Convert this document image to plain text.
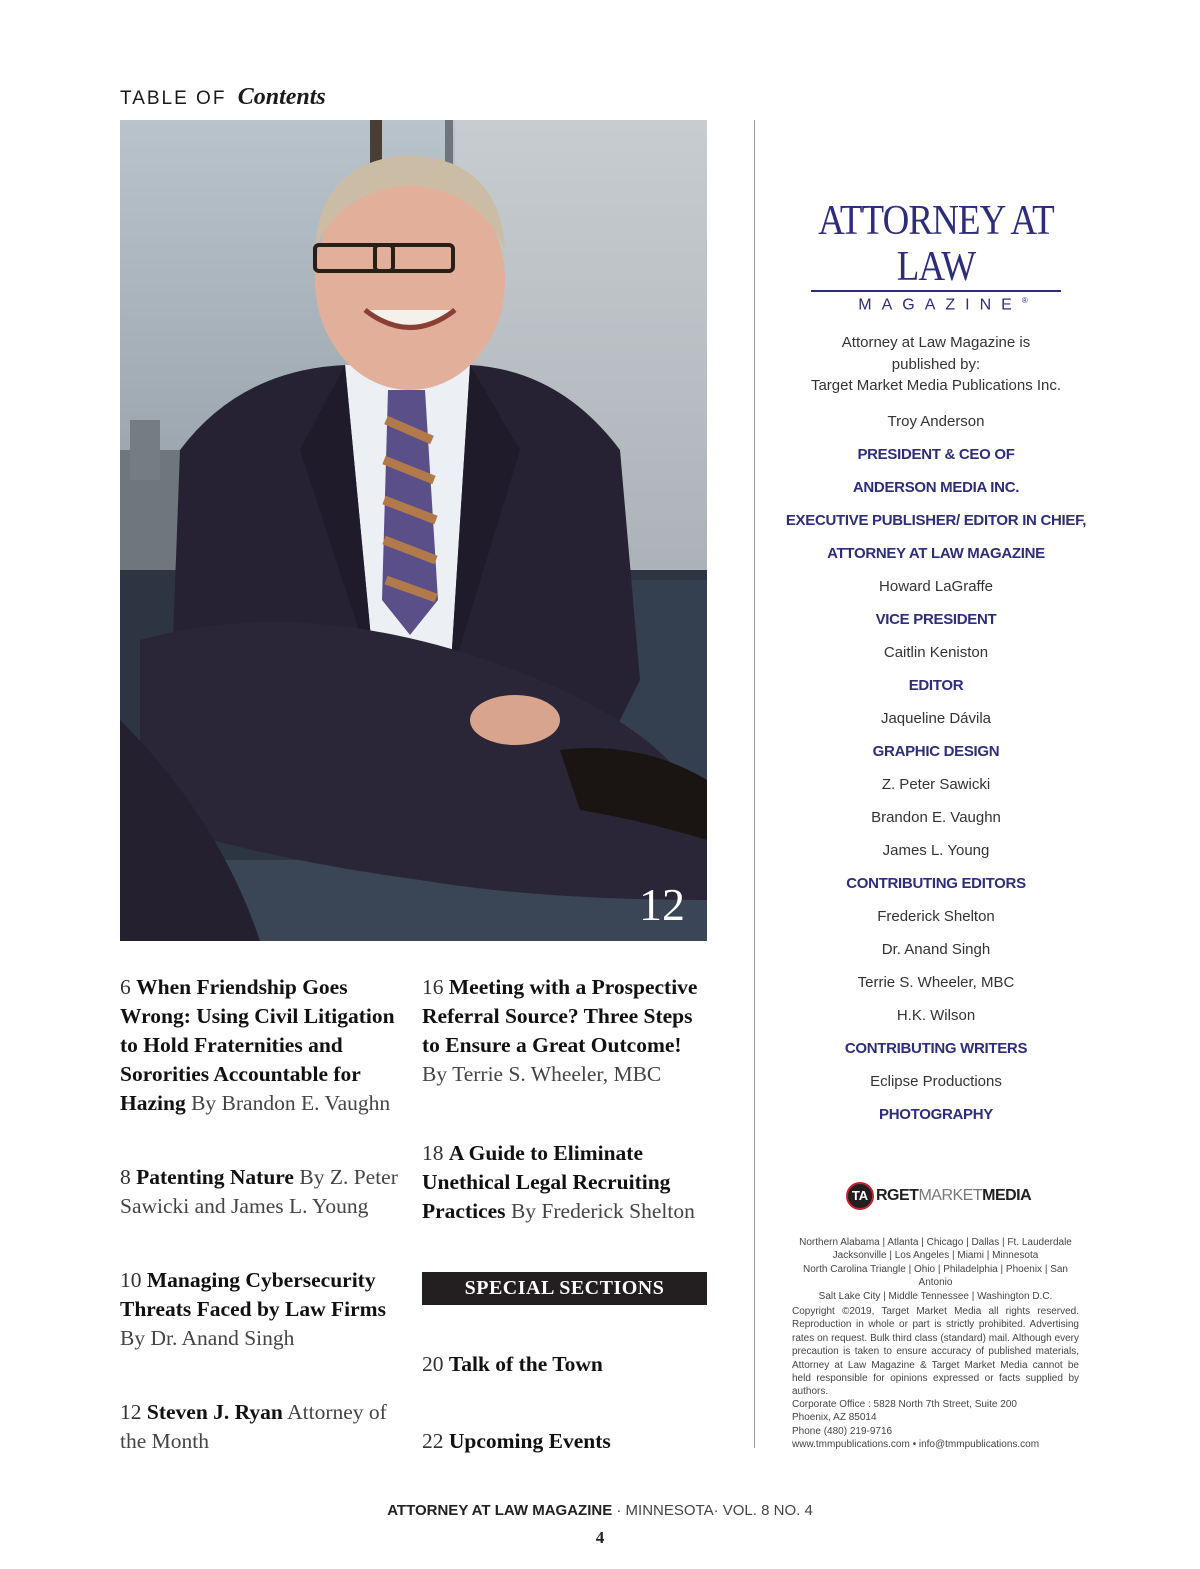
TABLE OF Contents
12
6 When Friendship Goes Wrong: Using Civil Litigation to Hold Fraternities and Sororities Accountable for Hazing By Brandon E. Vaughn
8 Patenting Nature By Z. Peter Sawicki and James L. Young
10 Managing Cybersecurity Threats Faced by Law Firms By Dr. Anand Singh
12 Steven J. Ryan Attorney of the Month
16 Meeting with a Prospective Referral Source? Three Steps to Ensure a Great Outcome! By Terrie S. Wheeler, MBC
18 A Guide to Eliminate Unethical Legal Recruiting Practices By Frederick Shelton
SPECIAL SECTIONS
20 Talk of the Town
22 Upcoming Events
ATTORNEY AT LAW
MAGAZINE®
Attorney at Law Magazine is
published by:
Target Market Media Publications Inc.
Troy Anderson
PRESIDENT & CEO OF
ANDERSON MEDIA INC.
EXECUTIVE PUBLISHER/ EDITOR IN CHIEF,
ATTORNEY AT LAW MAGAZINE
Howard LaGraffe
VICE PRESIDENT
Caitlin Keniston
EDITOR
Jaqueline Dávila
GRAPHIC DESIGN
Z. Peter Sawicki
Brandon E. Vaughn
James L. Young
CONTRIBUTING EDITORS
Frederick Shelton
Dr. Anand Singh
Terrie S. Wheeler, MBC
H.K. Wilson
CONTRIBUTING WRITERS
Eclipse Productions
PHOTOGRAPHY
TA RGET MARKET MEDIA
Northern Alabama | Atlanta | Chicago | Dallas | Ft. Lauderdale
Jacksonville | Los Angeles | Miami | Minnesota
North Carolina Triangle | Ohio | Philadelphia | Phoenix | San Antonio
Salt Lake City | Middle Tennessee | Washington D.C.
Copyright ©2019, Target Market Media all rights reserved. Reproduction in whole or part is strictly prohibited. Advertising rates on request. Bulk third class (standard) mail. Although every precaution is taken to ensure accuracy of published materials, Attorney at Law Magazine & Target Market Media cannot be held responsible for opinions expressed or facts supplied by authors.
Corporate Office : 5828 North 7th Street, Suite 200
Phoenix, AZ 85014
Phone (480) 219-9716
www.tmmpublications.com • info@tmmpublications.com
ATTORNEY AT LAW MAGAZINE · MINNESOTA· VOL. 8 NO. 4
4
